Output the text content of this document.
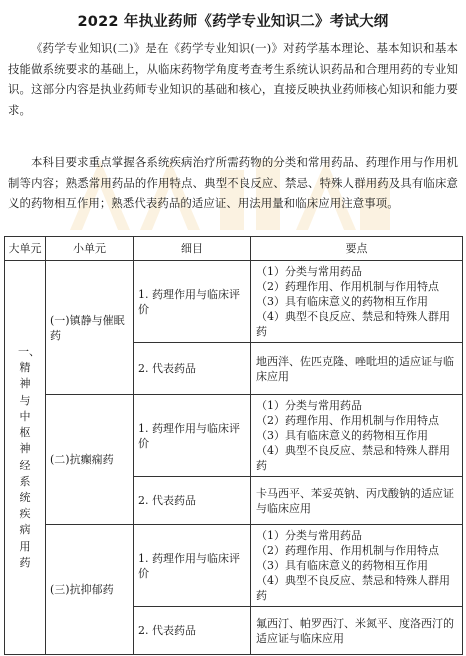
2022 年执业药师《药学专业知识二》考试大纲

《药学专业知识(二)》是在《药学专业知识(一)》对药学基本理论、基本知识和基本技能做系统要求的基础上，从临床药物学角度考查考生系统认识药品和合理用药的专业知识。这部分内容是执业药师专业知识的基础和核心，直接反映执业药师核心知识和能力要求。

本科目要求重点掌握各系统疾病治疗所需药物的分类和常用药品、药理作用与作用机制等内容；熟悉常用药品的作用特点、典型不良反应、禁忌、特殊人群用药及具有临床意义的药物相互作用；熟悉代表药品的适应证、用法用量和临床应用注意事项。

大单元	小单元	细目	要点
一、精神与中枢神经系统疾病用药	(一)镇静与催眠药	1. 药理作用与临床评价	（1）分类与常用药品
（2）药理作用、作用机制与作用特点
（3）具有临床意义的药物相互作用
（4）典型不良反应、禁忌和特殊人群用药

		2. 代表药品	地西泮、佐匹克隆、唑吡坦的适应证与临床应用

	(二)抗癫痫药	1. 药理作用与临床评价	（1）分类与常用药品
（2）药理作用、作用机制与作用特点
（3）具有临床意义的药物相互作用
（4）典型不良反应、禁忌和特殊人群用药

		2. 代表药品	卡马西平、苯妥英钠、丙戊酸钠的适应证与临床应用

	(三)抗抑郁药	1. 药理作用与临床评价	（1）分类与常用药品
（2）药理作用、作用机制与作用特点
（3）具有临床意义的药物相互作用
（4）典型不良反应、禁忌和特殊人群用药

		2. 代表药品	氟西汀、帕罗西汀、米氮平、度洛西汀的适应证与临床应用
